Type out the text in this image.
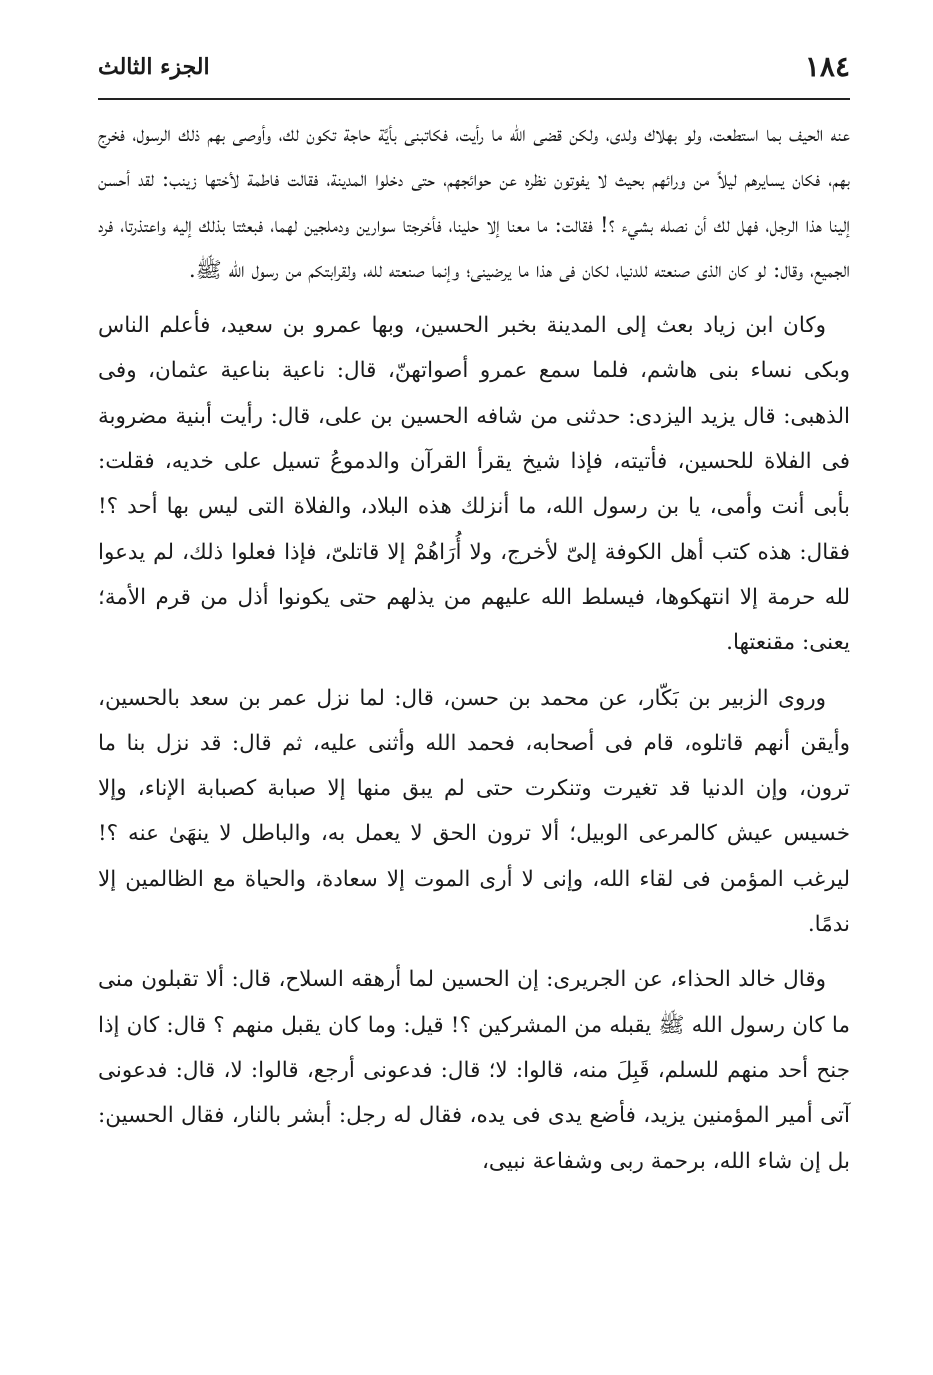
١٨٤
الجزء الثالث

عنه الحيف بما استطعت، ولو بهلاك ولدى، ولكن قضى الله ما رأيت، فكاتبنى بأيَّة حاجة تكون لك، وأوصى بهم ذلك الرسول، فخرج بهم، فكان يسايرهم ليلاً من ورائهم بحيث لا يفوتون نظره عن حوائجهم، حتى دخلوا المدينة، فقالت فاطمة لأختها زينب: لقد أحسن إلينا هذا الرجل، فهل لك أن نصله بشيء ؟! فقالت: ما معنا إلا حلينا، فأخرجتا سوارين ودملجين لهما، فبعثتا بذلك إليه واعتذرتا، فرد الجميع، وقال: لو كان الذى صنعته للدنيا، لكان فى هذا ما يرضينى؛ وإنما صنعته لله، ولقرابتكم من رسول الله ﷺ.

وكان ابن زياد بعث إلى المدينة بخبر الحسين، وبها عمرو بن سعيد، فأعلم الناس وبكى نساء بنى هاشم، فلما سمع عمرو أصواتهنّ، قال: ناعية بناعية عثمان، وفى الذهبى: قال يزيد اليزدى: حدثنى من شافه الحسين بن على، قال: رأيت أبنية مضروبة فى الفلاة للحسين، فأتيته، فإذا شيخ يقرأ القرآن والدموعُ تسيل على خديه، فقلت: بأبى أنت وأمى، يا بن رسول الله، ما أنزلك هذه البلاد، والفلاة التى ليس بها أحد ؟! فقال: هذه كتب أهل الكوفة إلىّ لأخرج، ولا أُرَاهُمْ إلا قاتلىّ، فإذا فعلوا ذلك، لم يدعوا لله حرمة إلا انتهكوها، فيسلط الله عليهم من يذلهم حتى يكونوا أذل من قرم الأمة؛ يعنى: مقنعتها.

وروى الزبير بن بَكّار، عن محمد بن حسن، قال: لما نزل عمر بن سعد بالحسين، وأيقن أنهم قاتلوه، قام فى أصحابه، فحمد الله وأثنى عليه، ثم قال: قد نزل بنا ما ترون، وإن الدنيا قد تغيرت وتنكرت حتى لم يبق منها إلا صبابة كصبابة الإناء، وإلا خسيس عيش كالمرعى الوبيل؛ ألا ترون الحق لا يعمل به، والباطل لا ينهَىٰ عنه ؟! ليرغب المؤمن فى لقاء الله، وإنى لا أرى الموت إلا سعادة، والحياة مع الظالمين إلا ندمًا.

وقال خالد الحذاء، عن الجريرى: إن الحسين لما أرهقه السلاح، قال: ألا تقبلون منى ما كان رسول الله ﷺ يقبله من المشركين ؟! قيل: وما كان يقبل منهم ؟ قال: كان إذا جنح أحد منهم للسلم، قَبِلَ منه، قالوا: لا؛ قال: فدعونى أرجع، قالوا: لا، قال: فدعونى آتى أمير المؤمنين يزيد، فأضع يدى فى يده، فقال له رجل: أبشر بالنار، فقال الحسين: بل إن شاء الله، برحمة ربى وشفاعة نبيى،
